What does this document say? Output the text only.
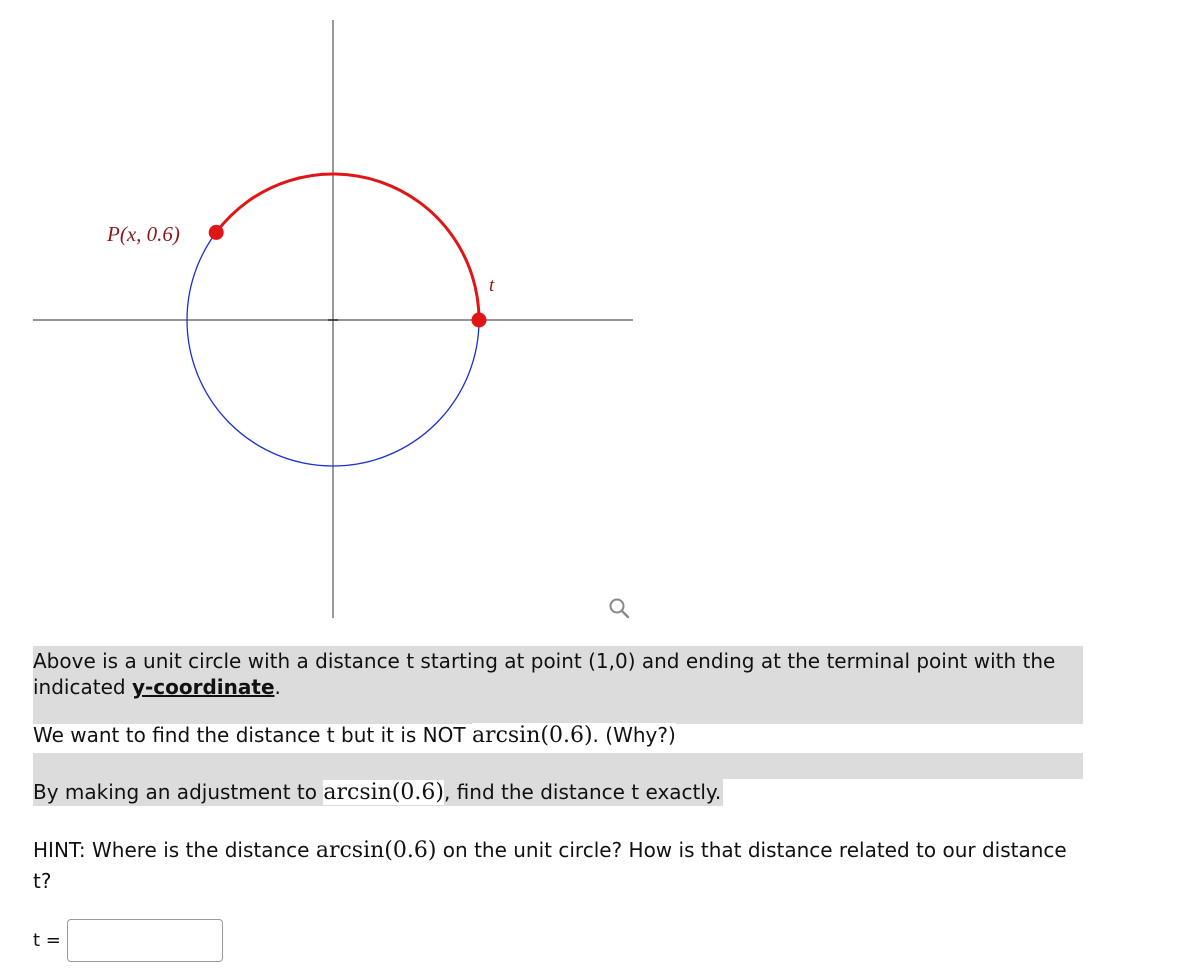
P(x, 0.6)
t
Above is a unit circle with a distance t starting at point (1,0) and ending at the terminal point with the indicated y-coordinate.
We want to find the distance t but it is NOT arcsin(0.6). (Why?)
By making an adjustment to arcsin(0.6), find the distance t exactly.
HINT: Where is the distance arcsin(0.6) on the unit circle? How is that distance related to our distance t?
t =
